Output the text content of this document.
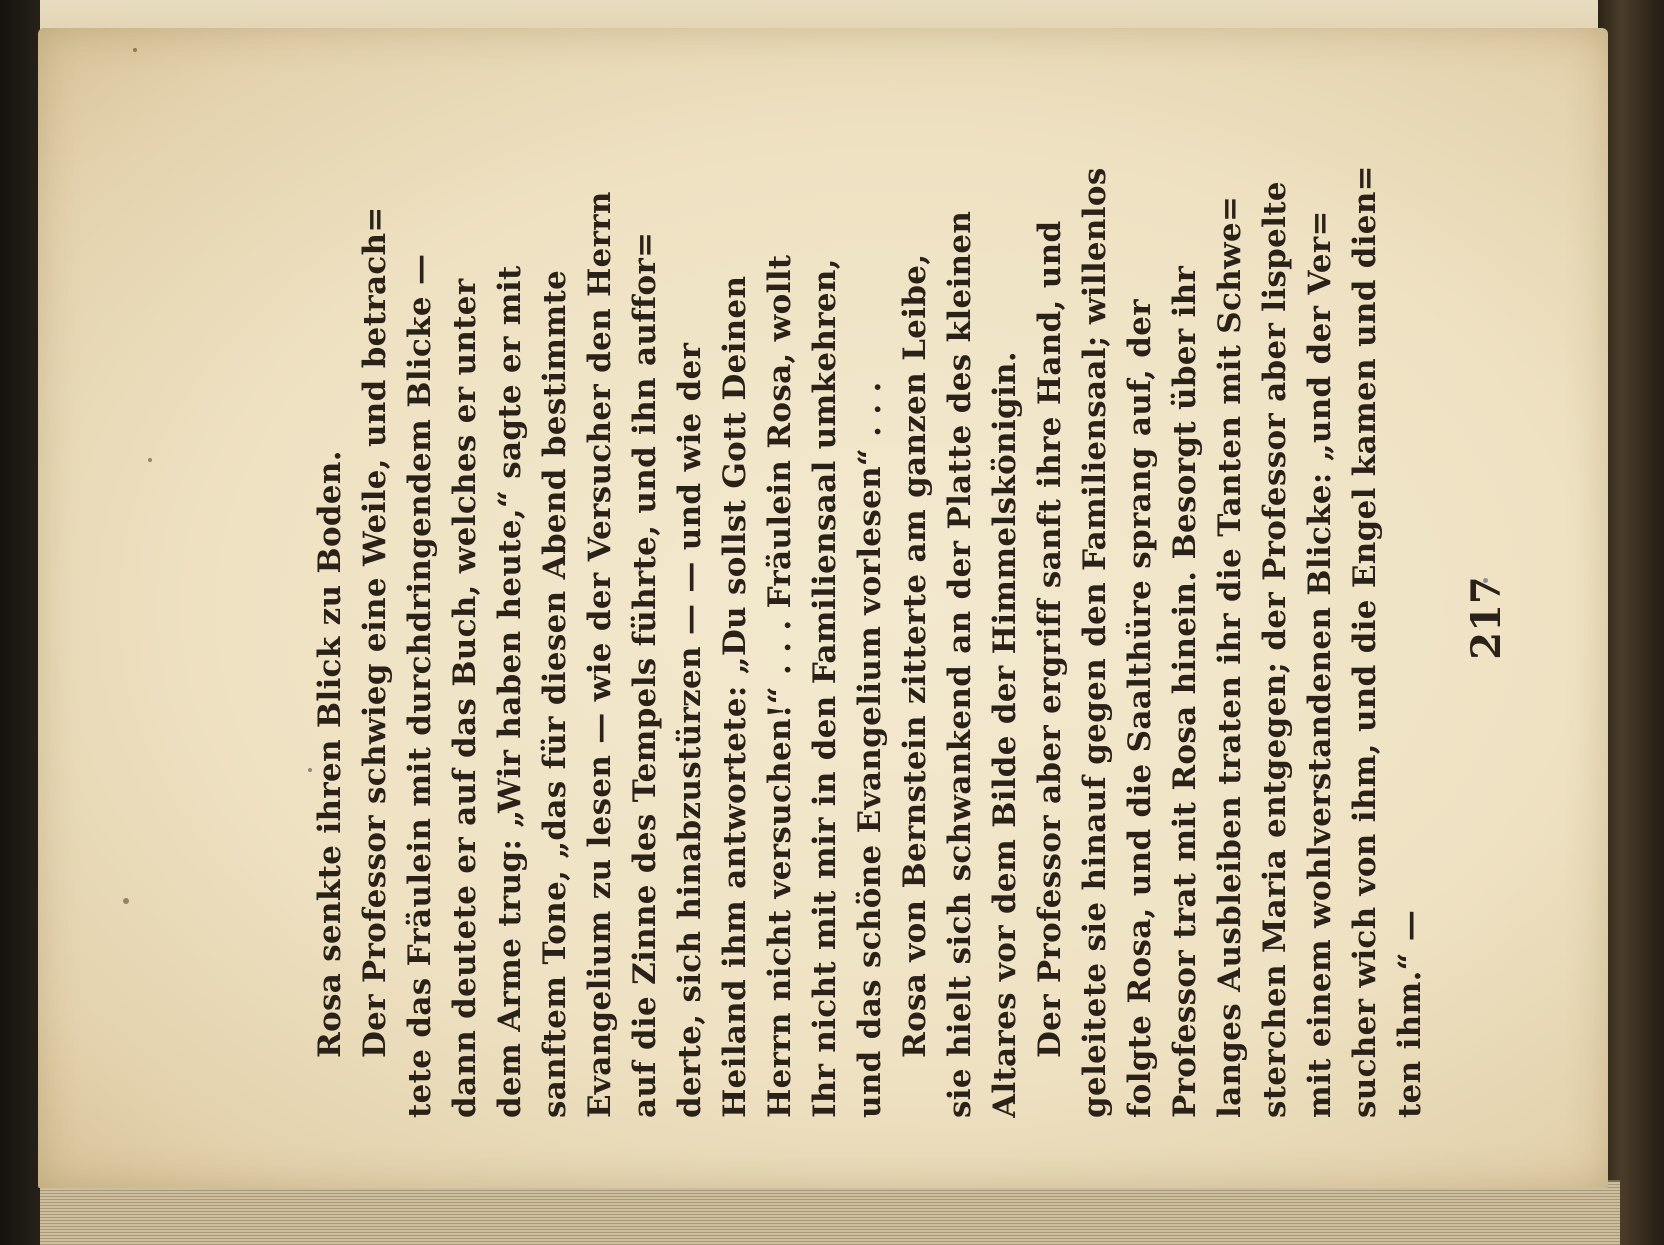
Rosa senkte ihren Blick zu Boden. Der Professor schwieg eine Weile, und betrach= tete das Fräulein mit durchdringendem Blicke — dann deutete er auf das Buch, welches er unter dem Arme trug: „Wir haben heute,“ sagte er mit sanftem Tone, „das für diesen Abend bestimmte Evangelium zu lesen — wie der Versucher den Herrn auf die Zinne des Tempels führte, und ihn auffor= derte, sich hinabzustürzen — — und wie der Heiland ihm antwortete: „Du sollst Gott Deinen Herrn nicht versuchen!“ . . . Fräulein Rosa, wollt Ihr nicht mit mir in den Familiensaal umkehren, und das schöne Evangelium vorlesen“ . . . Rosa von Bernstein zitterte am ganzen Leibe, sie hielt sich schwankend an der Platte des kleinen Altares vor dem Bilde der Himmelskönigin. Der Professor aber ergriff sanft ihre Hand, und geleitete sie hinauf gegen den Familiensaal; willenlos folgte Rosa, und die Saalthüre sprang auf, der Professor trat mit Rosa hinein. Besorgt über ihr langes Ausbleiben traten ihr die Tanten mit Schwe= sterchen Maria entgegen; der Professor aber lispelte mit einem wohlverstandenen Blicke: „und der Ver= sucher wich von ihm, und die Engel kamen und dien= ten ihm.“ —
217
